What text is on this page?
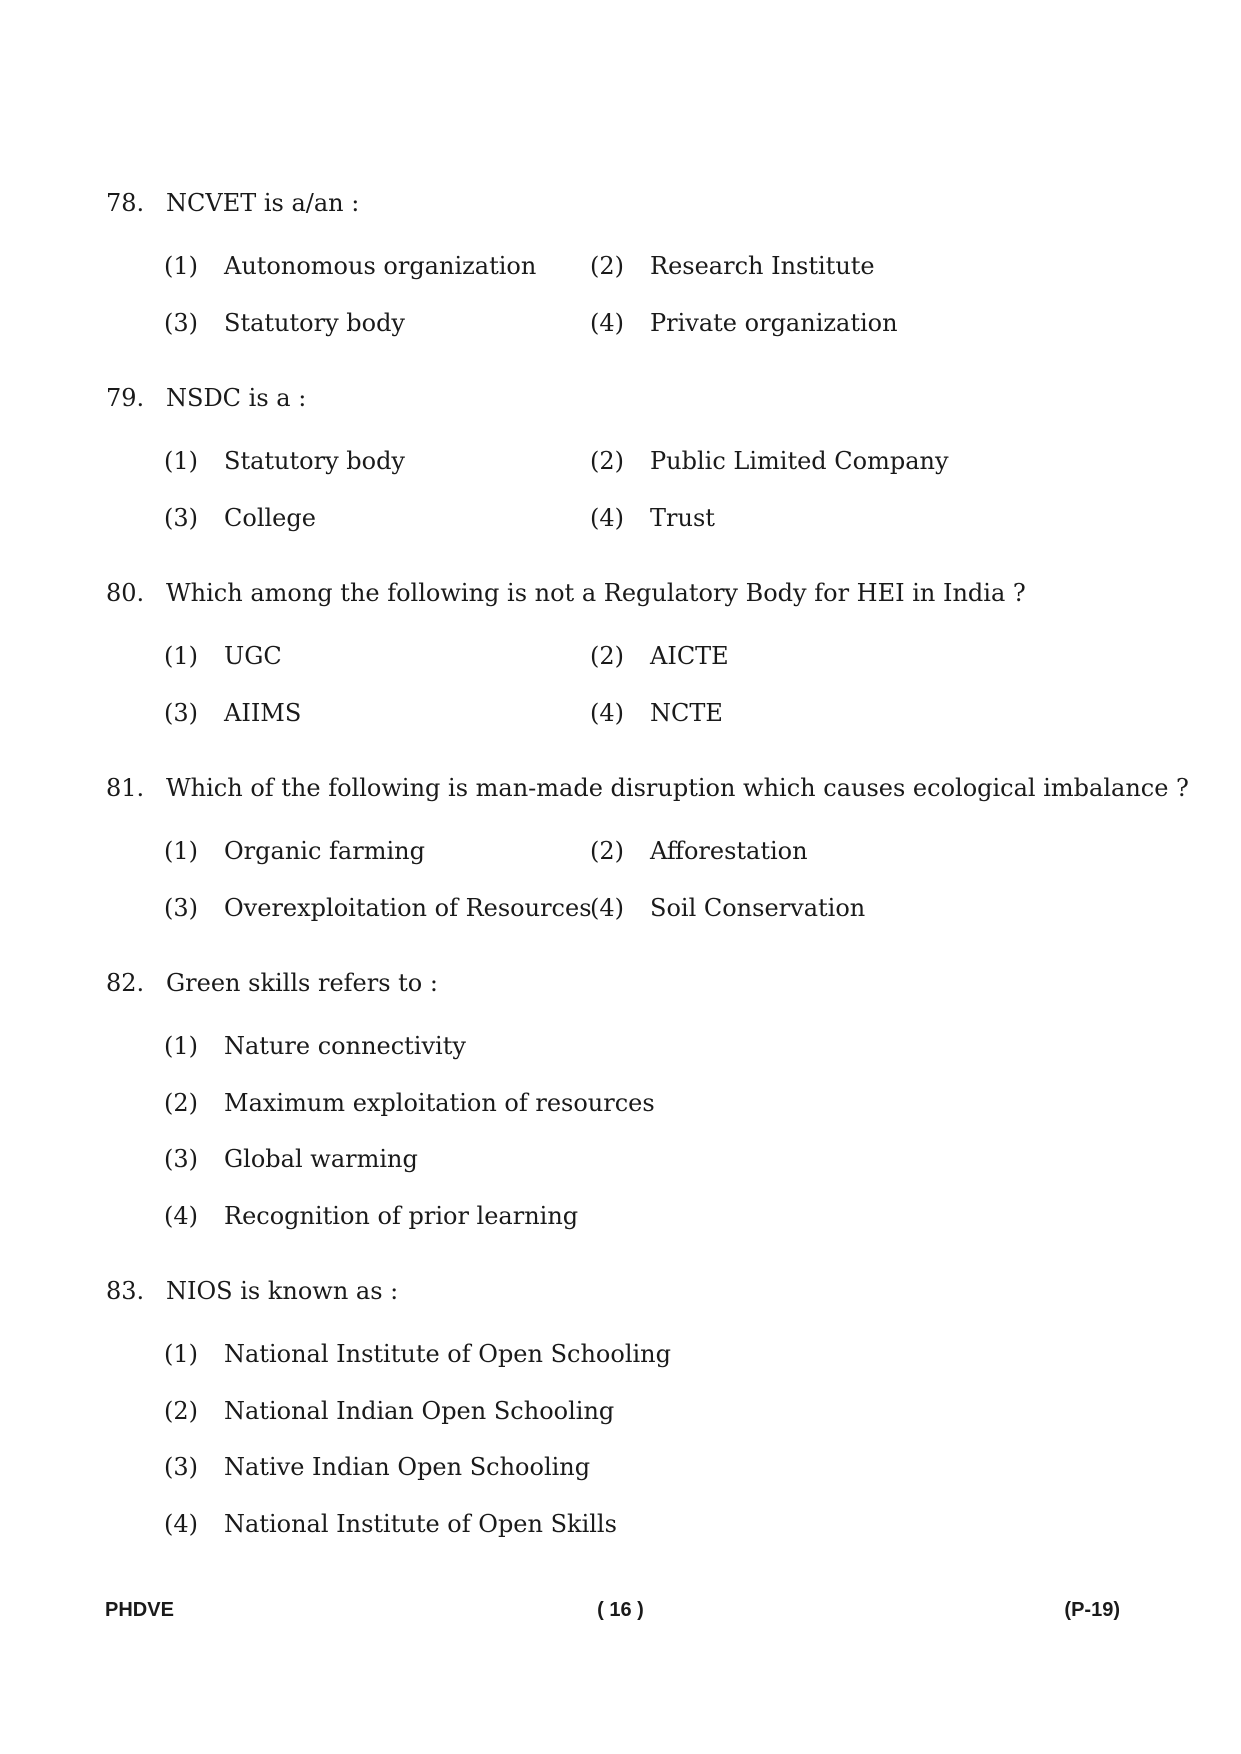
78. NCVET is a/an :
(1) Autonomous organization (2) Research Institute
(3) Statutory body	(4) Private organization
79. NSDC is a :
(1) Statutory body	(2) Public Limited Company
(3) College	(4) Trust
80. Which among the following is not a Regulatory Body for HEI in India ?
(1) UGC	(2) AICTE
(3) AIIMS	(4) NCTE
81. Which of the following is man-made disruption which causes ecological imbalance ?
(1) Organic farming	(2) Afforestation
(3) Overexploitation of Resources
(4) Soil Conservation
82. Green skills refers to :
(1) Nature connectivity
(2) Maximum exploitation of resources
(3) Global warming
(4) Recognition of prior learning
83. NIOS is known as :
(1) National Institute of Open Schooling
(2) National Indian Open Schooling
(3) Native Indian Open Schooling
(4) National Institute of Open Skills
PHDVE	( 16 )	(P-19)
